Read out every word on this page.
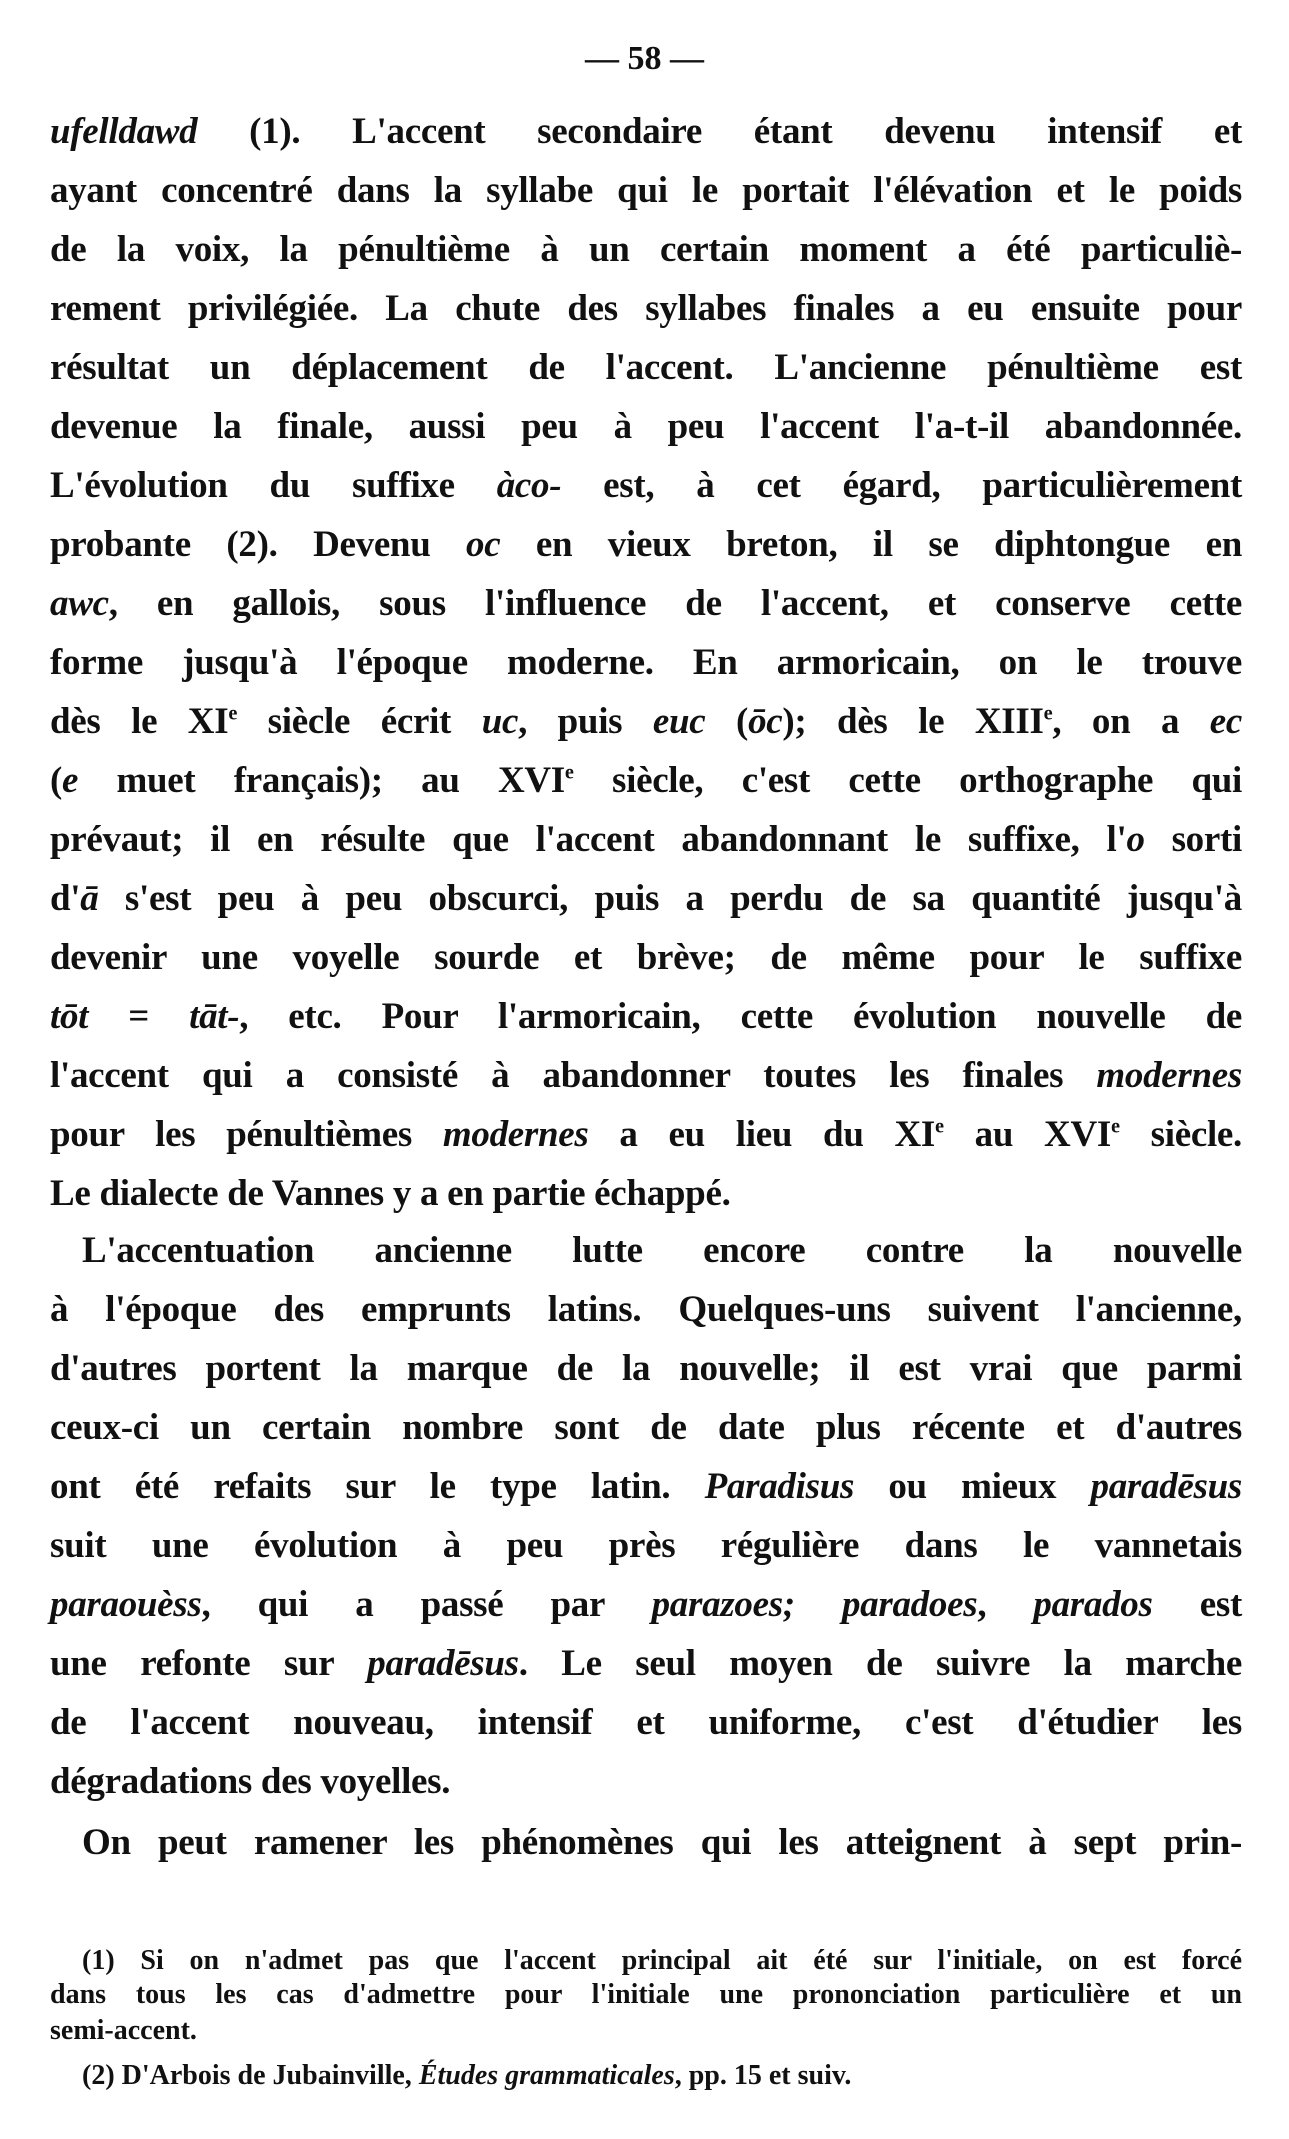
— 58 —
ufelldawd (1). L'accent secondaire étant devenu intensif et
ayant concentré dans la syllabe qui le portait l'élévation et le poids
de la voix, la pénultième à un certain moment a été particuliè-
rement privilégiée. La chute des syllabes finales a eu ensuite pour
résultat un déplacement de l'accent. L'ancienne pénultième est
devenue la finale, aussi peu à peu l'accent l'a-t-il abandonnée.
L'évolution du suffixe àco- est, à cet égard, particulièrement
probante (2). Devenu oc en vieux breton, il se diphtongue en
awc, en gallois, sous l'influence de l'accent, et conserve cette
forme jusqu'à l'époque moderne. En armoricain, on le trouve
dès le XIe siècle écrit uc, puis euc (ōc); dès le XIIIe, on a ec
(e muet français); au XVIe siècle, c'est cette orthographe qui
prévaut; il en résulte que l'accent abandonnant le suffixe, l'o sorti
d'ā s'est peu à peu obscurci, puis a perdu de sa quantité jusqu'à
devenir une voyelle sourde et brève; de même pour le suffixe
tōt = tāt-, etc. Pour l'armoricain, cette évolution nouvelle de
l'accent qui a consisté à abandonner toutes les finales modernes
pour les pénultièmes modernes a eu lieu du XIe au XVIe siècle.
Le dialecte de Vannes y a en partie échappé.
L'accentuation ancienne lutte encore contre la nouvelle
à l'époque des emprunts latins. Quelques-uns suivent l'ancienne,
d'autres portent la marque de la nouvelle; il est vrai que parmi
ceux-ci un certain nombre sont de date plus récente et d'autres
ont été refaits sur le type latin. Paradisus ou mieux paradēsus
suit une évolution à peu près régulière dans le vannetais
paraouèss, qui a passé par parazoes; paradoes, parados est
une refonte sur paradēsus. Le seul moyen de suivre la marche
de l'accent nouveau, intensif et uniforme, c'est d'étudier les
dégradations des voyelles.
On peut ramener les phénomènes qui les atteignent à sept prin-
(1) Si on n'admet pas que l'accent principal ait été sur l'initiale, on est forcé
dans tous les cas d'admettre pour l'initiale une prononciation particulière et un
semi-accent.
(2) D'Arbois de Jubainville, Études grammaticales, pp. 15 et suiv.
